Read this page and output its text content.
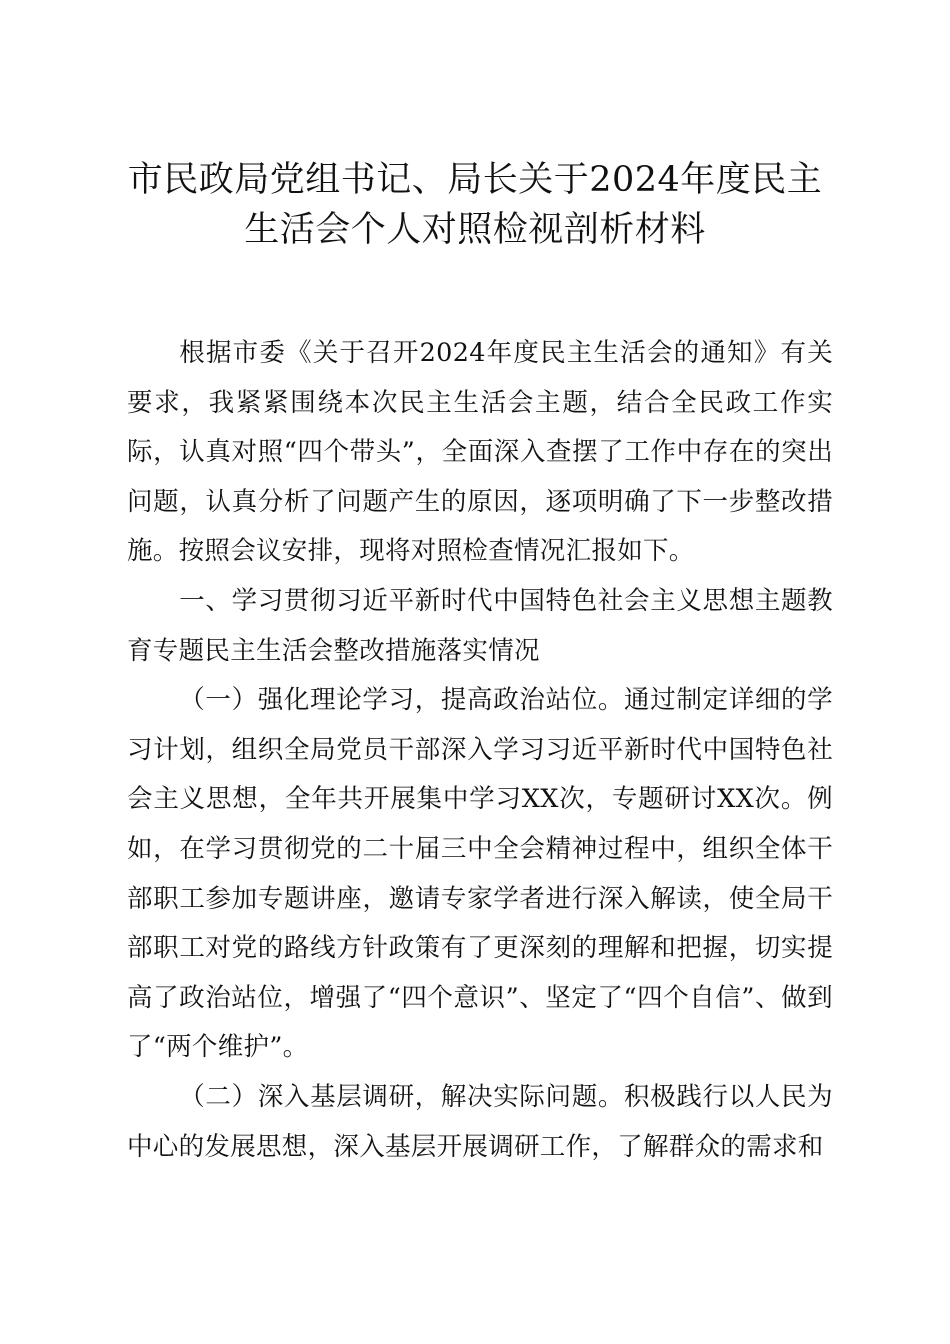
市民政局党组书记、局长关于2024年度民主
生活会个人对照检视剖析材料

根据市委《关于召开2024年度民主生活会的通知》有关要求，我紧紧围绕本次民主生活会主题，结合全民政工作实际，认真对照“四个带头”，全面深入查摆了工作中存在的突出问题，认真分析了问题产生的原因，逐项明确了下一步整改措施。按照会议安排，现将对照检查情况汇报如下。

一、学习贯彻习近平新时代中国特色社会主义思想主题教育专题民主生活会整改措施落实情况

（一）强化理论学习，提高政治站位。通过制定详细的学习计划，组织全局党员干部深入学习习近平新时代中国特色社会主义思想，全年共开展集中学习XX次，专题研讨XX次。例如，在学习贯彻党的二十届三中全会精神过程中，组织全体干部职工参加专题讲座，邀请专家学者进行深入解读，使全局干部职工对党的路线方针政策有了更深刻的理解和把握，切实提高了政治站位，增强了“四个意识”、坚定了“四个自信”、做到了“两个维护”。

（二）深入基层调研，解决实际问题。积极践行以人民为中心的发展思想，深入基层开展调研工作，了解群众的需求和
